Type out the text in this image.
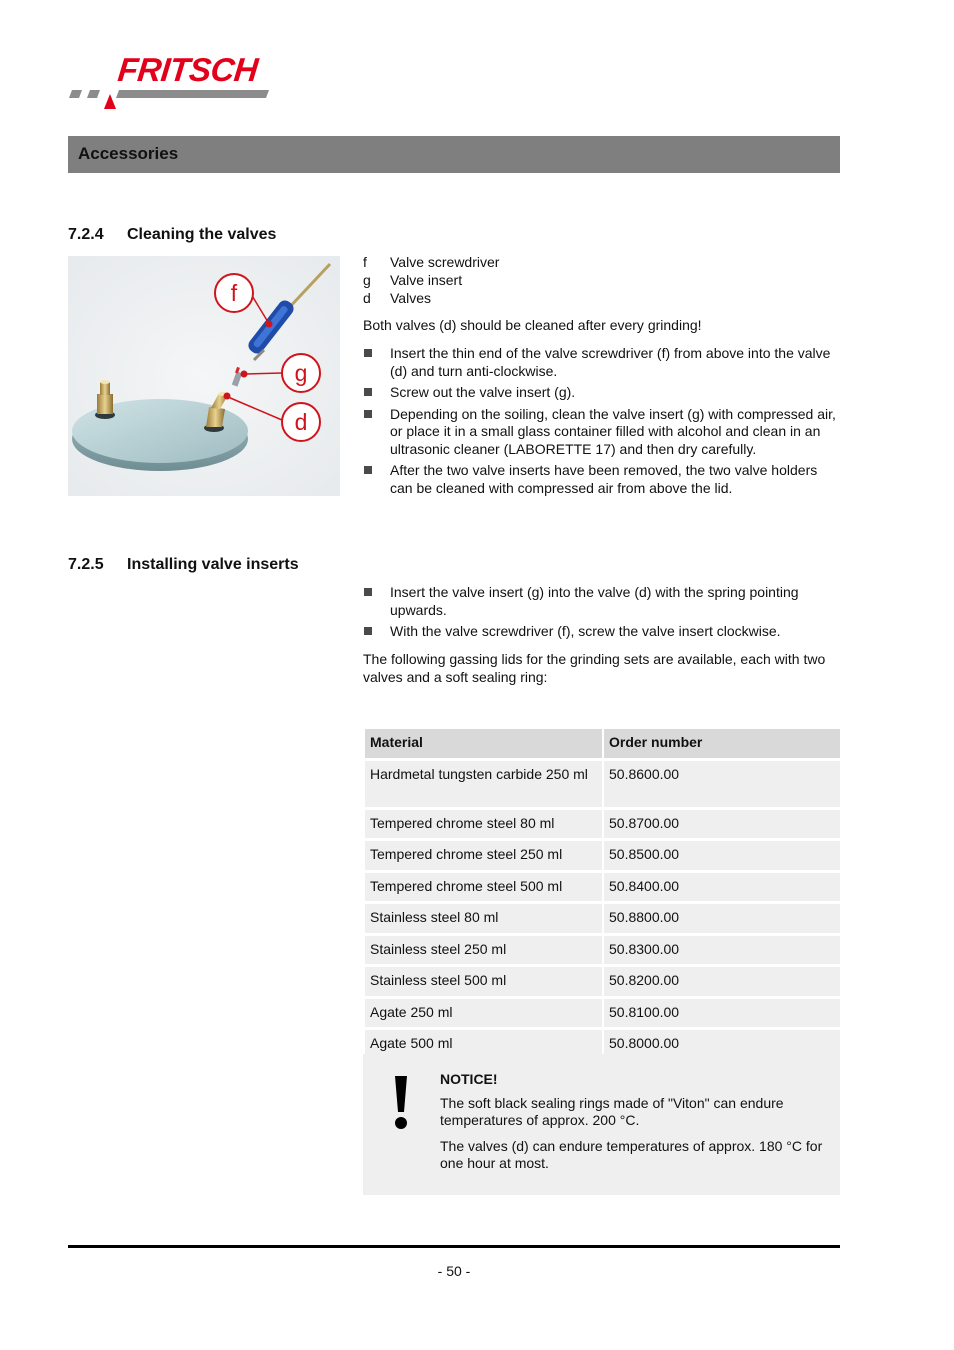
FRITSCH
Accessories
7.2.4 Cleaning the valves
f
g
d
f Valve screwdriver
g Valve insert
d Valves

Both valves (d) should be cleaned after every grinding!

Insert the thin end of the valve screwdriver (f) from above into the valve (d) and turn anti-clockwise.
Screw out the valve insert (g).
Depending on the soiling, clean the valve insert (g) with compressed air, or place it in a small glass container filled with alcohol and clean in an ultrasonic cleaner (LABORETTE 17) and then dry carefully.
After the two valve inserts have been removed, the two valve holders can be cleaned with compressed air from above the lid.
7.2.5 Installing valve inserts
Insert the valve insert (g) into the valve (d) with the spring pointing upwards.
With the valve screwdriver (f), screw the valve insert clockwise.

The following gassing lids for the grinding sets are available, each with two valves and a soft sealing ring:

Material	Order number
Hardmetal tungsten carbide 250 ml	50.8600.00
Tempered chrome steel 80 ml	50.8700.00
Tempered chrome steel 250 ml	50.8500.00
Tempered chrome steel 500 ml	50.8400.00
Stainless steel 80 ml	50.8800.00
Stainless steel 250 ml	50.8300.00
Stainless steel 500 ml	50.8200.00
Agate 250 ml	50.8100.00
Agate 500 ml	50.8000.00

NOTICE!

The soft black sealing rings made of "Viton" can endure temperatures of approx. 200 °C.

The valves (d) can endure temperatures of approx. 180 °C for one hour at most.

- 50 -
